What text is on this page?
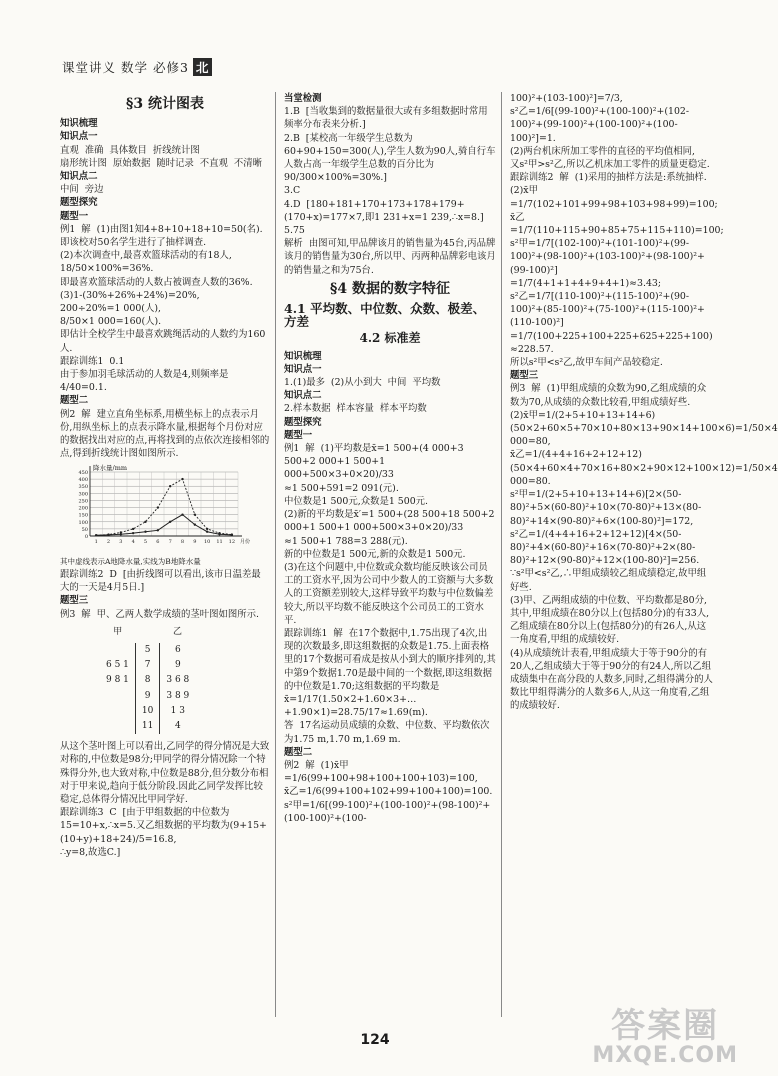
课堂讲义 数学 必修3 北
§3 统计图表
知识梳理
知识点一
直观  准确  具体数目  折线统计图
扇形统计图  原始数据  随时记录  不直观  不清晰
知识点二
中间  旁边
题型探究
题型一
例1  解  (1)由图1知4+8+10+18+10=50(名).
即该校对50名学生进行了抽样调查.
(2)本次调查中,最喜欢篮球活动的有18人,
18/50×100%=36%.
即最喜欢篮球活动的人数占被调查人数的36%.
(3)1-(30%+26%+24%)=20%,
200÷20%=1 000(人),
8/50×1 000=160(人).
即估计全校学生中最喜欢跳绳活动的人数约为160人.
跟踪训练1  0.1
由于参加羽毛球活动的人数是4,则频率是4/40=0.1.
题型二
例2  解  建立直角坐标系,用横坐标上的点表示月份,用纵坐标上的点表示降水量,根据每个月份对应的数据找出对应的点,再将找到的点依次连接相邻的点,得到折线统计图如图所示.
降水量/mm
450
400
350
300
250
200
150
100
50
0
1 2 3 4 5 6 7 8 9 10 11 12 月份
其中虚线表示A地降水量,实线为B地降水量
跟踪训练2  D  [由折线图可以看出,该市日温差最大的一天是4月5日.]
题型三
例3  解  甲、乙两人数学成绩的茎叶图如图所示.
甲		乙
	5	6
6 5 1	7	9
9 8 1	8	3 6 8
	9	3 8 9
	10	1 3
	11	4
从这个茎叶图上可以看出,乙同学的得分情况是大致对称的,中位数是98分;甲同学的得分情况除一个特殊得分外,也大致对称,中位数是88分,但分数分布相对于甲来说,趋向于低分阶段.因此乙同学发挥比较稳定,总体得分情况比甲同学好.
跟踪训练3  C  [由于甲组数据的中位数为15=10+x,∴x=5.又乙组数据的平均数为(9+15+(10+y)+18+24)/5=16.8,
∴y=8,故选C.]
当堂检测
1.B  [当收集到的数据量很大或有多组数据时常用频率分布表来分析.]
2.B  [某校高一年级学生总数为60+90+150=300(人),学生人数为90人,骑自行车人数占高一年级学生总数的百分比为90/300×100%=30%.]
3.C
4.D  [180+181+170+173+178+179+(170+x)=177×7,即1 231+x=1 239,∴x=8.]
5.75
解析  由图可知,甲品牌该月的销售量为45台,丙品牌该月的销售量为30台,所以甲、丙两种品牌彩电该月的销售量之和为75台.
§4 数据的数字特征
4.1 平均数、中位数、众数、极差、方差
4.2 标准差
知识梳理
知识点一
1.(1)最多  (2)从小到大  中间  平均数
知识点二
2.样本数据  样本容量  样本平均数
题型探究
题型一
例1  解  (1)平均数是x̄=1 500+(4 000+3 500+2 000+1 500+1 000+500×3+0×20)/33
≈1 500+591=2 091(元).
中位数是1 500元,众数是1 500元.
(2)新的平均数是x̄′=1 500+(28 500+18 500+2 000+1 500+1 000+500×3+0×20)/33
≈1 500+1 788=3 288(元).
新的中位数是1 500元,新的众数是1 500元.
(3)在这个问题中,中位数或众数均能反映该公司员工的工资水平,因为公司中少数人的工资额与大多数人的工资额差别较大,这样导致平均数与中位数偏差较大,所以平均数不能反映这个公司员工的工资水平.
跟踪训练1  解  在17个数据中,1.75出现了4次,出现的次数最多,即这组数据的众数是1.75.上面表格里的17个数据可看成是按从小到大的顺序排列的,其中第9个数据1.70是最中间的一个数据,即这组数据的中位数是1.70;这组数据的平均数是x̄=1/17(1.50×2+1.60×3+…+1.90×1)=28.75/17≈1.69(m).
答  17名运动员成绩的众数、中位数、平均数依次为1.75 m,1.70 m,1.69 m.
题型二
例2  解  (1)x̄甲=1/6(99+100+98+100+100+103)=100,
x̄乙=1/6(99+100+102+99+100+100)=100.
s²甲=1/6[(99-100)²+(100-100)²+(98-100)²+(100-100)²+(100-
100)²+(103-100)²]=7/3,
s²乙=1/6[(99-100)²+(100-100)²+(102-100)²+(99-100)²+(100-100)²+(100-100)²]=1.
(2)两台机床所加工零件的直径的平均值相同,
又s²甲>s²乙,所以乙机床加工零件的质量更稳定.
跟踪训练2  解  (1)采用的抽样方法是:系统抽样.
(2)x̄甲=1/7(102+101+99+98+103+98+99)=100;
x̄乙=1/7(110+115+90+85+75+115+110)=100;
s²甲=1/7[(102-100)²+(101-100)²+(99-100)²+(98-100)²+(103-100)²+(98-100)²+(99-100)²]
=1/7(4+1+1+4+9+4+1)≈3.43;
s²乙=1/7[(110-100)²+(115-100)²+(90-100)²+(85-100)²+(75-100)²+(115-100)²+(110-100)²]
=1/7(100+225+100+225+625+225+100)
≈228.57.
所以s²甲<s²乙,故甲车间产品较稳定.
题型三
例3  解  (1)甲组成绩的众数为90,乙组成绩的众数为70,从成绩的众数比较看,甲组成绩好些.
(2)x̄甲=1/(2+5+10+13+14+6)(50×2+60×5+70×10+80×13+90×14+100×6)=1/50×4 000=80,
x̄乙=1/(4+4+16+2+12+12)(50×4+60×4+70×16+80×2+90×12+100×12)=1/50×4 000=80.
s²甲=1/(2+5+10+13+14+6)[2×(50-80)²+5×(60-80)²+10×(70-80)²+13×(80-80)²+14×(90-80)²+6×(100-80)²]=172,
s²乙=1/(4+4+16+2+12+12)[4×(50-80)²+4×(60-80)²+16×(70-80)²+2×(80-80)²+12×(90-80)²+12×(100-80)²]=256.
∵s²甲<s²乙,∴甲组成绩较乙组成绩稳定,故甲组好些.
(3)甲、乙两组成绩的中位数、平均数都是80分,其中,甲组成绩在80分以上(包括80分)的有33人,乙组成绩在80分以上(包括80分)的有26人,从这一角度看,甲组的成绩较好.
(4)从成绩统计表看,甲组成绩大于等于90分的有20人,乙组成绩大于等于90分的有24人,所以乙组成绩集中在高分段的人数多,同时,乙组得满分的人数比甲组得满分的人数多6人,从这一角度看,乙组的成绩较好.
124	答案圈
MXQE.COM
